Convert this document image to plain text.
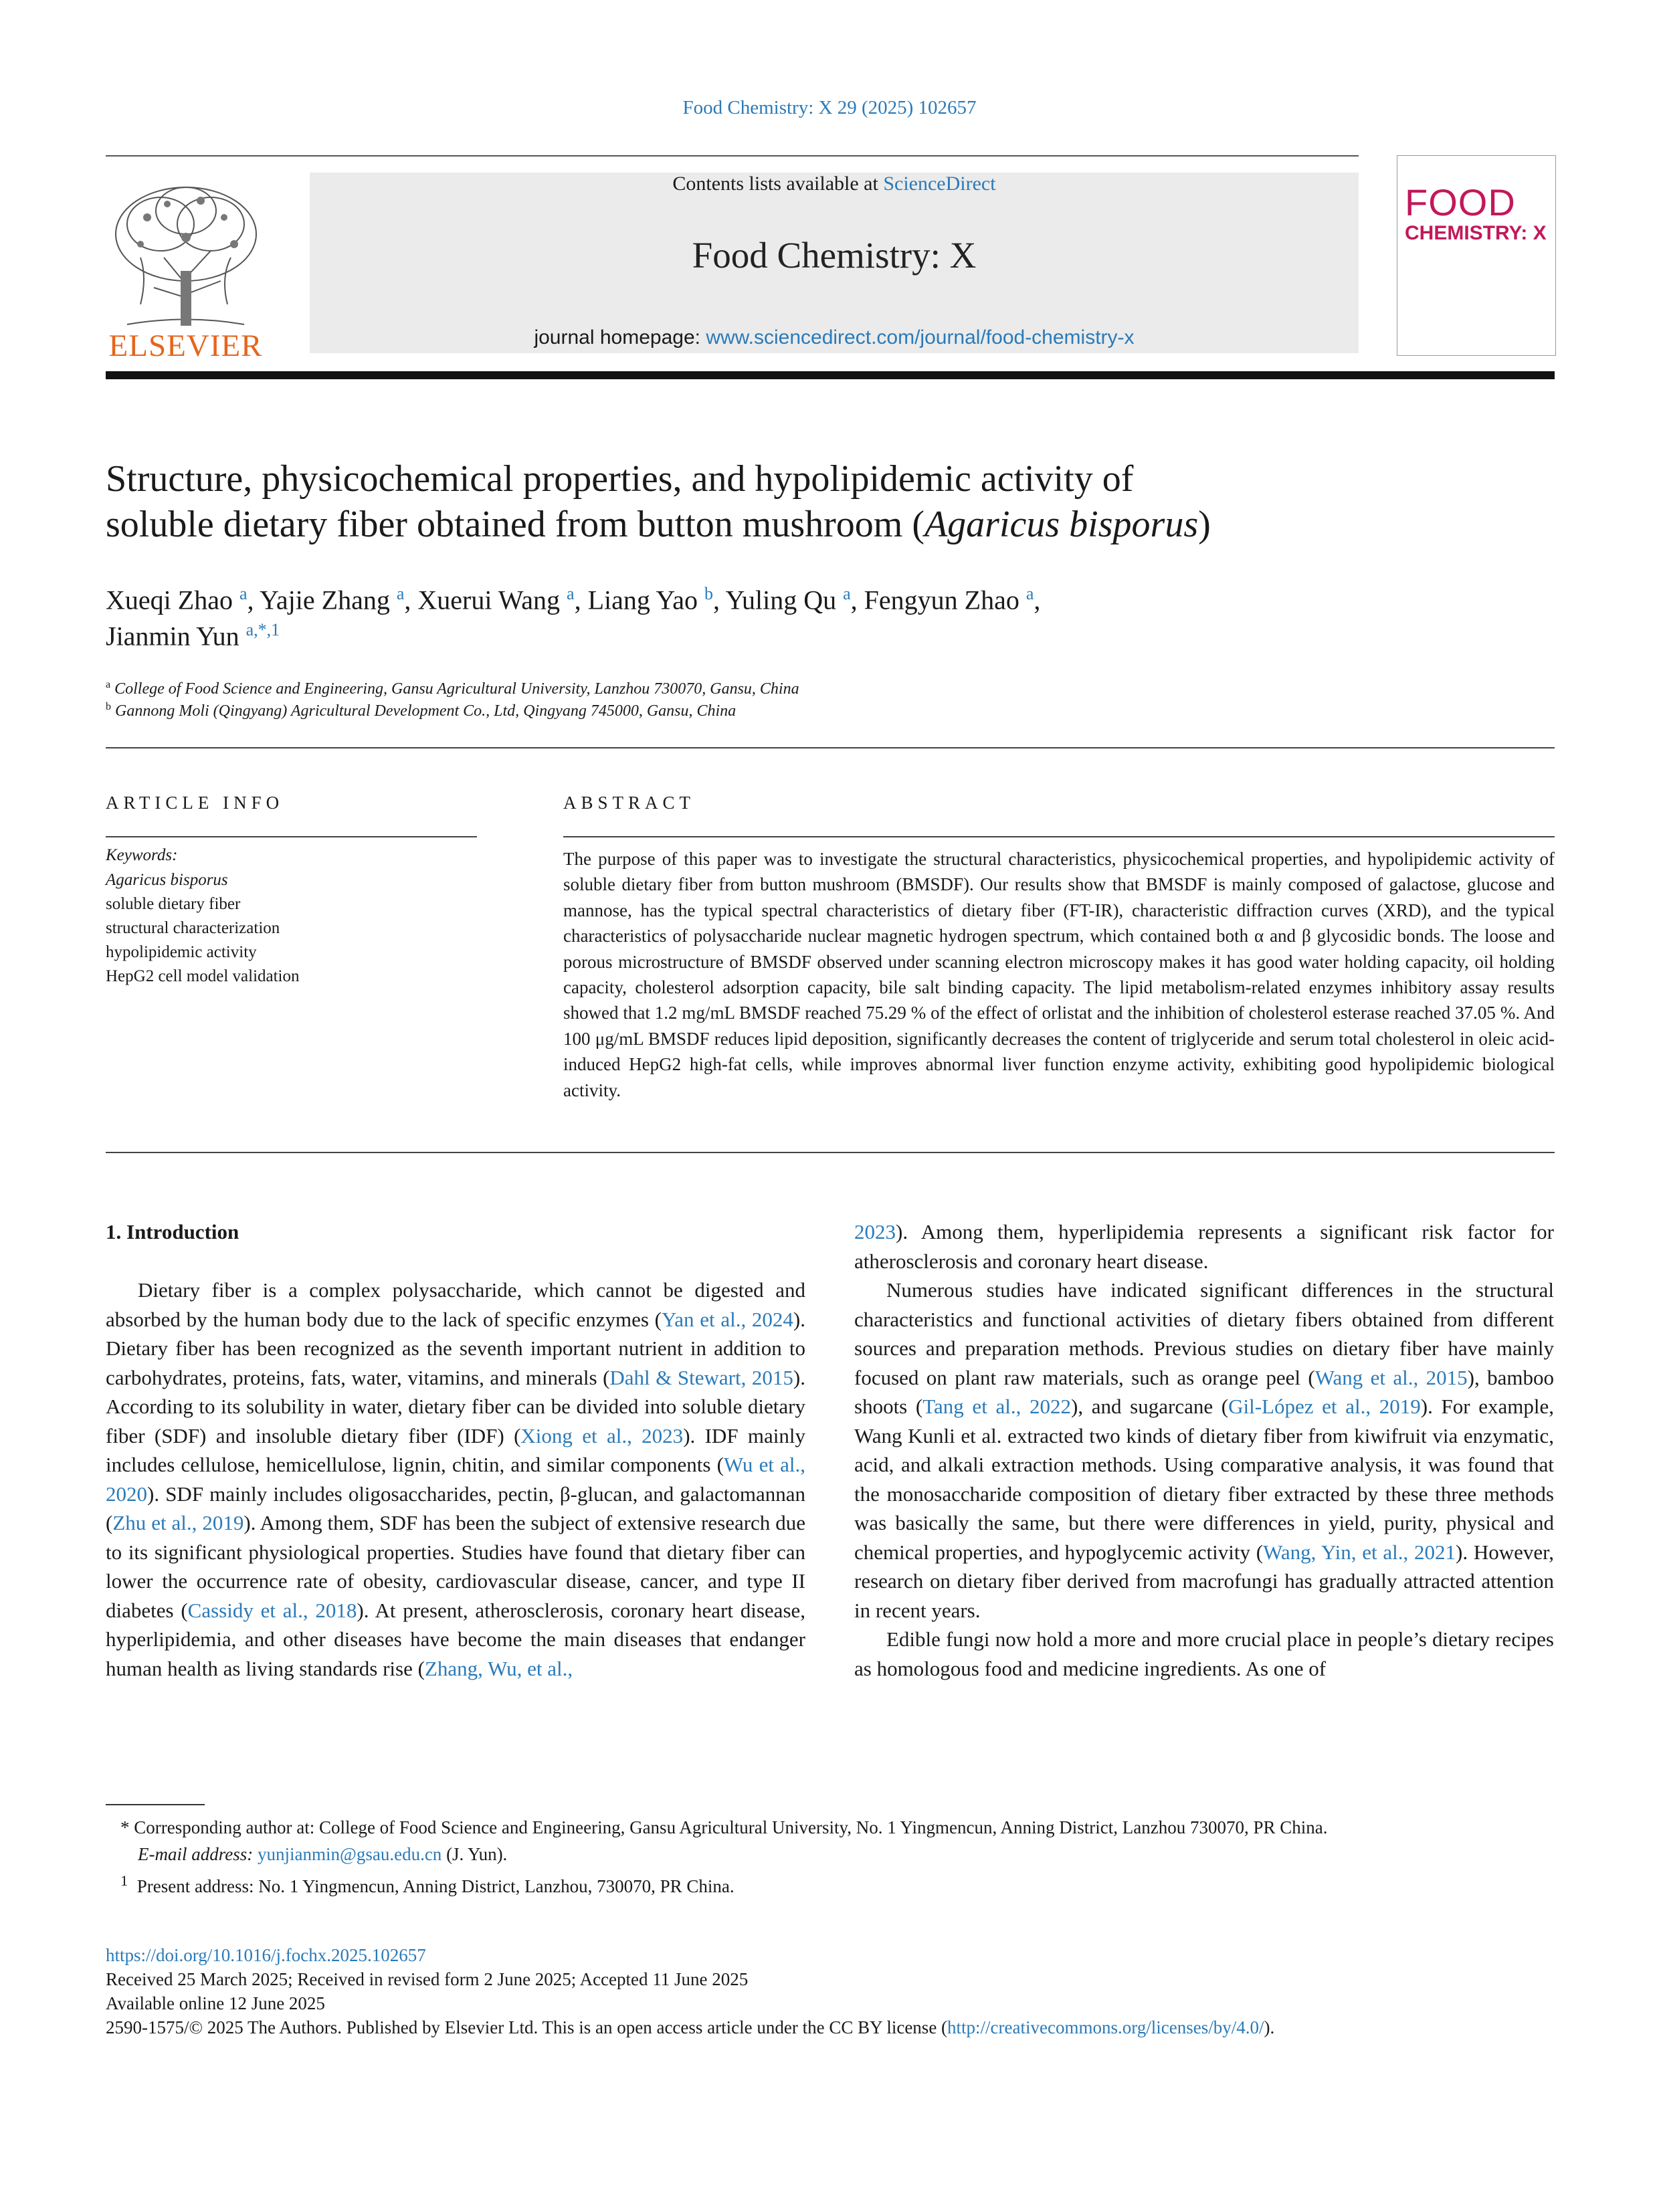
Food Chemistry: X 29 (2025) 102657
ELSEVIER
Contents lists available at ScienceDirect
Food Chemistry: X
journal homepage: www.sciencedirect.com/journal/food-chemistry-x
FOOD
CHEMISTRY: X
Structure, physicochemical properties, and hypolipidemic activity of
soluble dietary fiber obtained from button mushroom (Agaricus bisporus)
Xueqi Zhao $^a$, Yajie Zhang $^a$, Xuerui Wang $^a$, Liang Yao $^b$, Yuling Qu $^a$, Fengyun Zhao $^a$,
Jianmin Yun $^{a,*,1}$
$^a$ College of Food Science and Engineering, Gansu Agricultural University, Lanzhou 730070, Gansu, China
$^b$ Gannong Moli (Qingyang) Agricultural Development Co., Ltd, Qingyang 745000, Gansu, China
ARTICLE INFO	ABSTRACT
Keywords:
Agaricus bisporus
soluble dietary fiber
structural characterization
hypolipidemic activity
HepG2 cell model validation
The purpose of this paper was to investigate the structural characteristics, physicochemical properties, and hypolipidemic activity of soluble dietary fiber from button mushroom (BMSDF). Our results show that BMSDF is mainly composed of galactose, glucose and mannose, has the typical spectral characteristics of dietary fiber (FT-IR), characteristic diffraction curves (XRD), and the typical characteristics of polysaccharide nuclear magnetic hydrogen spectrum, which contained both α and β glycosidic bonds. The loose and porous microstructure of BMSDF observed under scanning electron microscopy makes it has good water holding capacity, oil holding capacity, cholesterol adsorption capacity, bile salt binding capacity. The lipid metabolism-related enzymes inhibitory assay results showed that 1.2 mg/mL BMSDF reached 75.29 % of the effect of orlistat and the inhibition of cholesterol esterase reached 37.05 %. And 100 μg/mL BMSDF reduces lipid deposition, significantly decreases the content of triglyceride and serum total cholesterol in oleic acid-induced HepG2 high-fat cells, while improves abnormal liver function enzyme activity, exhibiting good hypolipidemic biological activity.
1. Introduction

Dietary fiber is a complex polysaccharide, which cannot be digested and absorbed by the human body due to the lack of specific enzymes (Yan et al., 2024). Dietary fiber has been recognized as the seventh important nutrient in addition to carbohydrates, proteins, fats, water, vitamins, and minerals (Dahl & Stewart, 2015). According to its solubility in water, dietary fiber can be divided into soluble dietary fiber (SDF) and insoluble dietary fiber (IDF) (Xiong et al., 2023). IDF mainly includes cellulose, hemicellulose, lignin, chitin, and similar components (Wu et al., 2020). SDF mainly includes oligosaccharides, pectin, β-glucan, and galactomannan (Zhu et al., 2019). Among them, SDF has been the subject of extensive research due to its significant physiological properties. Studies have found that dietary fiber can lower the occurrence rate of obesity, cardiovascular disease, cancer, and type II diabetes (Cassidy et al., 2018). At present, atherosclerosis, coronary heart disease, hyperlipidemia, and other diseases have become the main diseases that endanger human health as living standards rise (Zhang, Wu, et al.,

2023). Among them, hyperlipidemia represents a significant risk factor for atherosclerosis and coronary heart disease.

Numerous studies have indicated significant differences in the structural characteristics and functional activities of dietary fibers obtained from different sources and preparation methods. Previous studies on dietary fiber have mainly focused on plant raw materials, such as orange peel (Wang et al., 2015), bamboo shoots (Tang et al., 2022), and sugarcane (Gil-López et al., 2019). For example, Wang Kunli et al. extracted two kinds of dietary fiber from kiwifruit via enzymatic, acid, and alkali extraction methods. Using comparative analysis, it was found that the monosaccharide composition of dietary fiber extracted by these three methods was basically the same, but there were differences in yield, purity, physical and chemical properties, and hypoglycemic activity (Wang, Yin, et al., 2021). However, research on dietary fiber derived from macrofungi has gradually attracted attention in recent years.

Edible fungi now hold a more and more crucial place in people’s dietary recipes as homologous food and medicine ingredients. As one of

* Corresponding author at: College of Food Science and Engineering, Gansu Agricultural University, No. 1 Yingmencun, Anning District, Lanzhou 730070, PR China.

E-mail address: yunjianmin@gsau.edu.cn (J. Yun).

$^1$ Present address: No. 1 Yingmencun, Anning District, Lanzhou, 730070, PR China.

https://doi.org/10.1016/j.fochx.2025.102657

Received 25 March 2025; Received in revised form 2 June 2025; Accepted 11 June 2025

Available online 12 June 2025

2590-1575/© 2025 The Authors. Published by Elsevier Ltd. This is an open access article under the CC BY license (http://creativecommons.org/licenses/by/4.0/).
